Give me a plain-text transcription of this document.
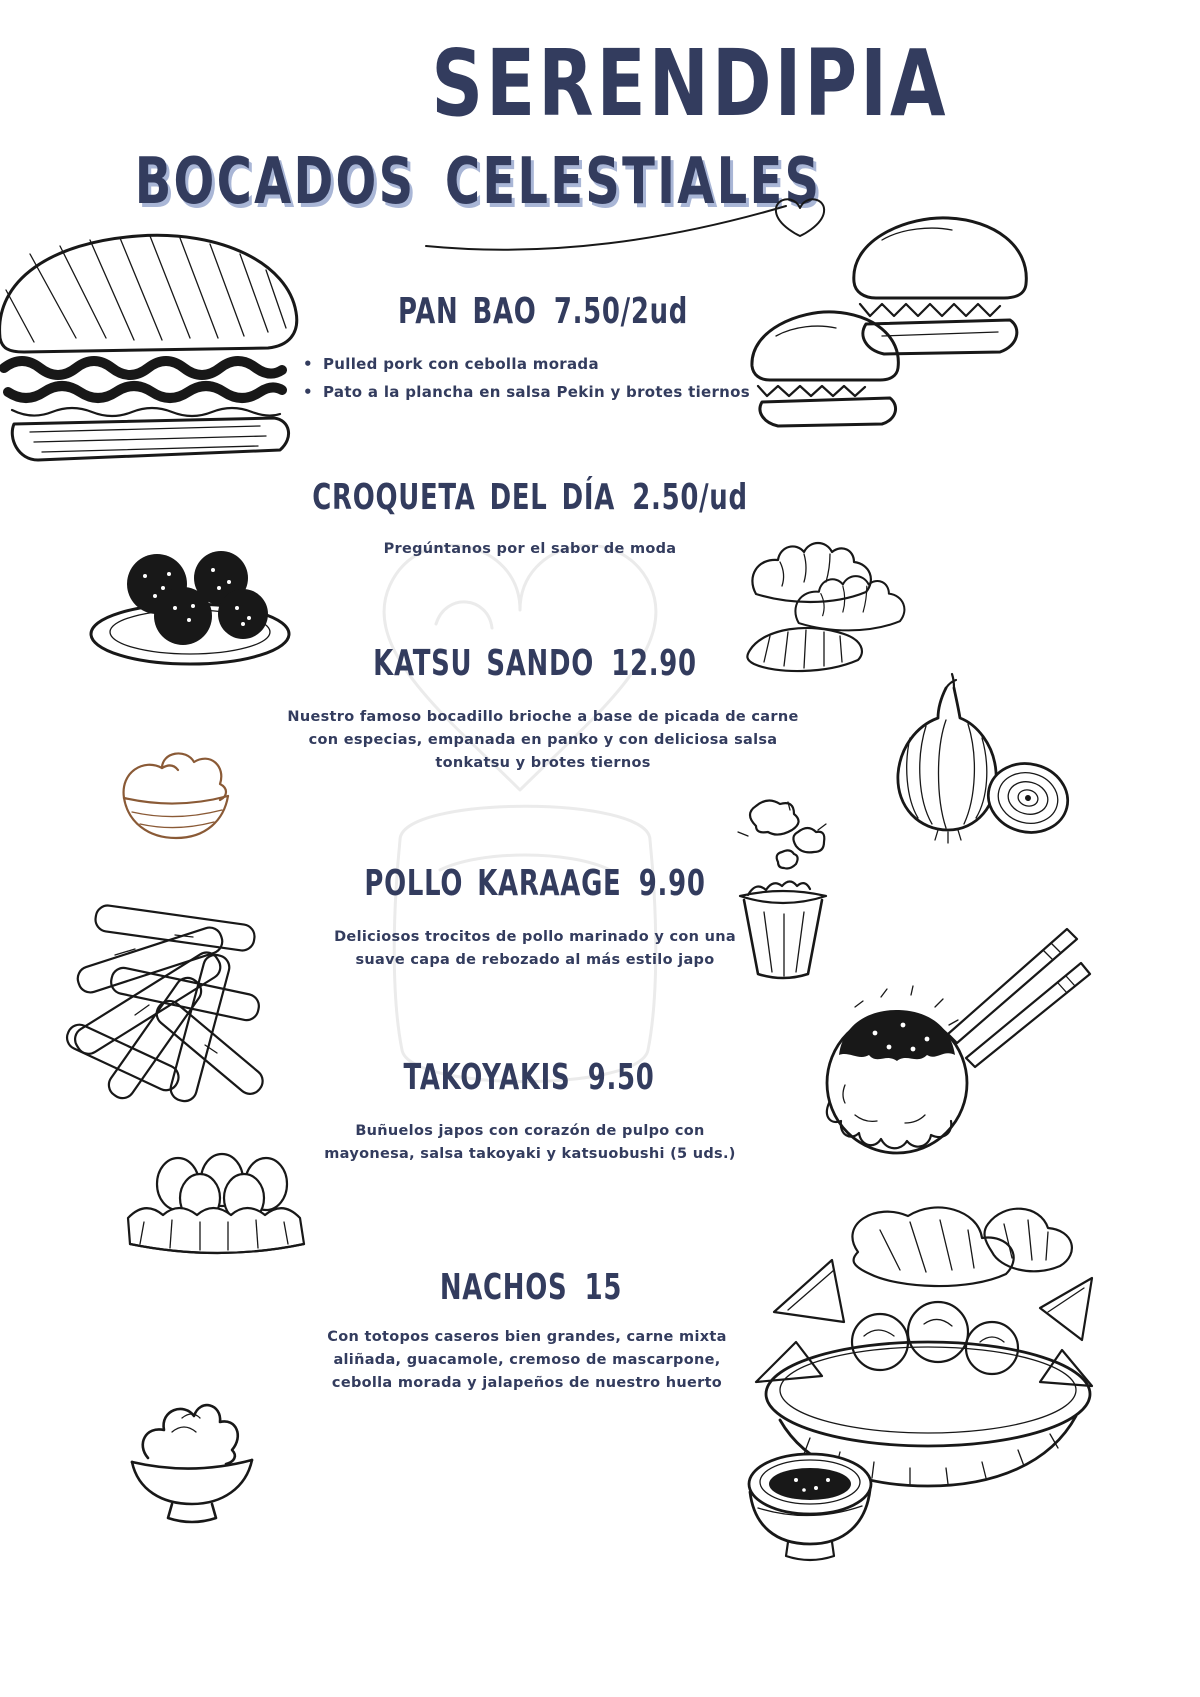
SERENDIPIA
BOCADOS CELESTIALES
PAN BAO 7.50/2ud
• Pulled pork con cebolla morada
• Pato a la plancha en salsa Pekin y brotes tiernos
CROQUETA DEL DÍA 2.50/ud
Pregúntanos por el sabor de moda
KATSU SANDO 12.90
Nuestro famoso bocadillo brioche a base de picada de carne
con especias, empanada en panko y con deliciosa salsa
tonkatsu y brotes tiernos
POLLO KARAAGE 9.90
Deliciosos trocitos de pollo marinado y con una
suave capa de rebozado al más estilo japo
TAKOYAKIS 9.50
Buñuelos japos con corazón de pulpo con
mayonesa, salsa takoyaki y katsuobushi (5 uds.)
NACHOS 15
Con totopos caseros bien grandes, carne mixta
aliñada, guacamole, cremoso de mascarpone,
cebolla morada y jalapeños de nuestro huerto
